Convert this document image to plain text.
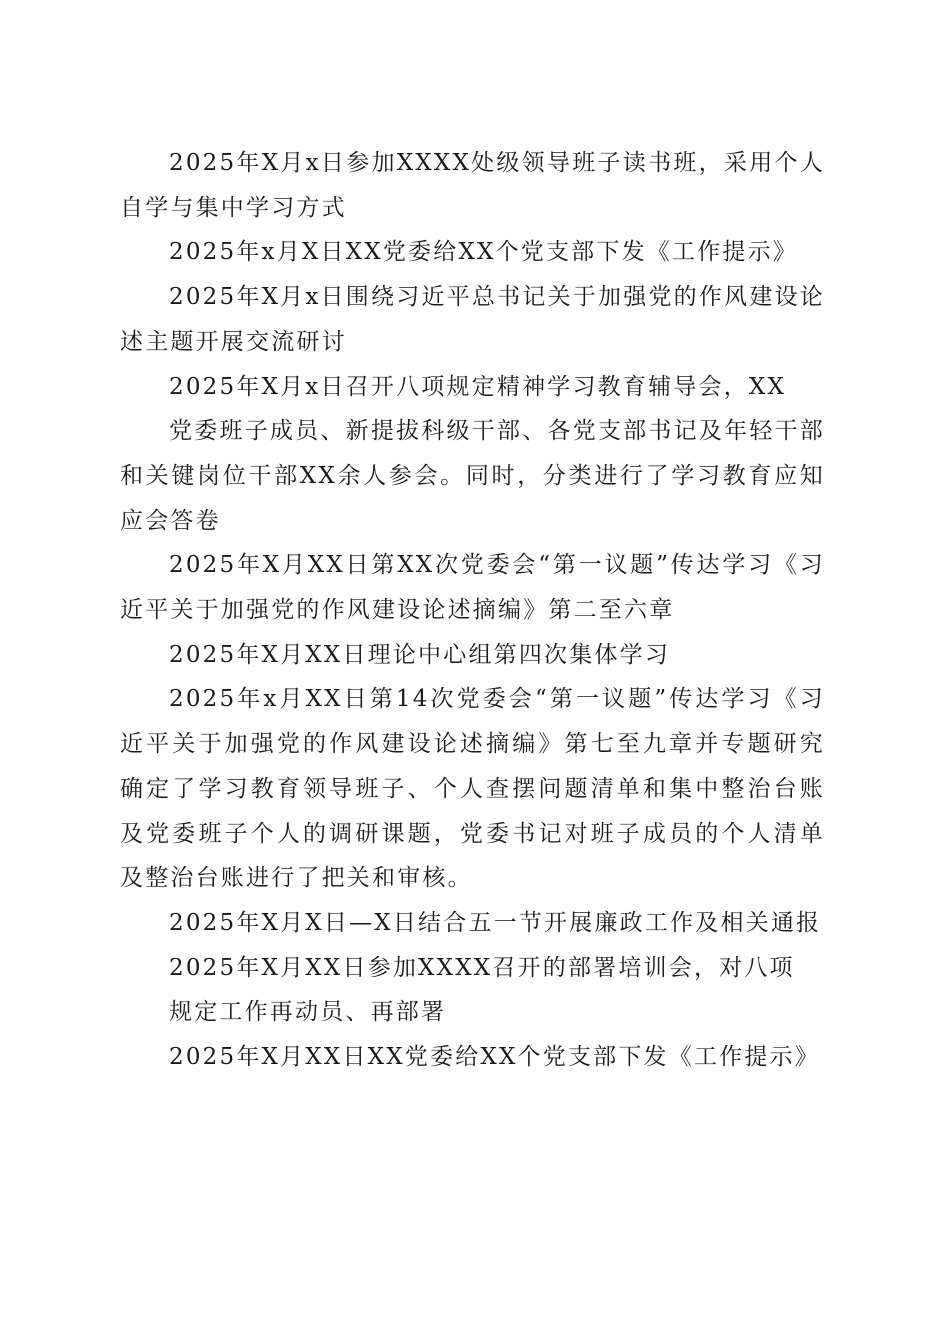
2025年X月x日参加XXXX处级领导班子读书班，采用个人自学与集中学习方式

2025年x月X日XX党委给XX个党支部下发《工作提示》

2025年X月x日围绕习近平总书记关于加强党的作风建设论述主题开展交流研讨

2025年X月x日召开八项规定精神学习教育辅导会，XX

党委班子成员、新提拔科级干部、各党支部书记及年轻干部和关键岗位干部XX余人参会。同时，分类进行了学习教育应知应会答卷

2025年X月XX日第XX次党委会“第一议题”传达学习《习近平关于加强党的作风建设论述摘编》第二至六章

2025年X月XX日理论中心组第四次集体学习

2025年x月XX日第14次党委会“第一议题”传达学习《习近平关于加强党的作风建设论述摘编》第七至九章并专题研究确定了学习教育领导班子、个人查摆问题清单和集中整治台账及党委班子个人的调研课题，党委书记对班子成员的个人清单及整治台账进行了把关和审核。

2025年X月X日—X日结合五一节开展廉政工作及相关通报

2025年X月XX日参加XXXX召开的部署培训会，对八项
规定工作再动员、再部署

2025年X月XX日XX党委给XX个党支部下发《工作提示》
